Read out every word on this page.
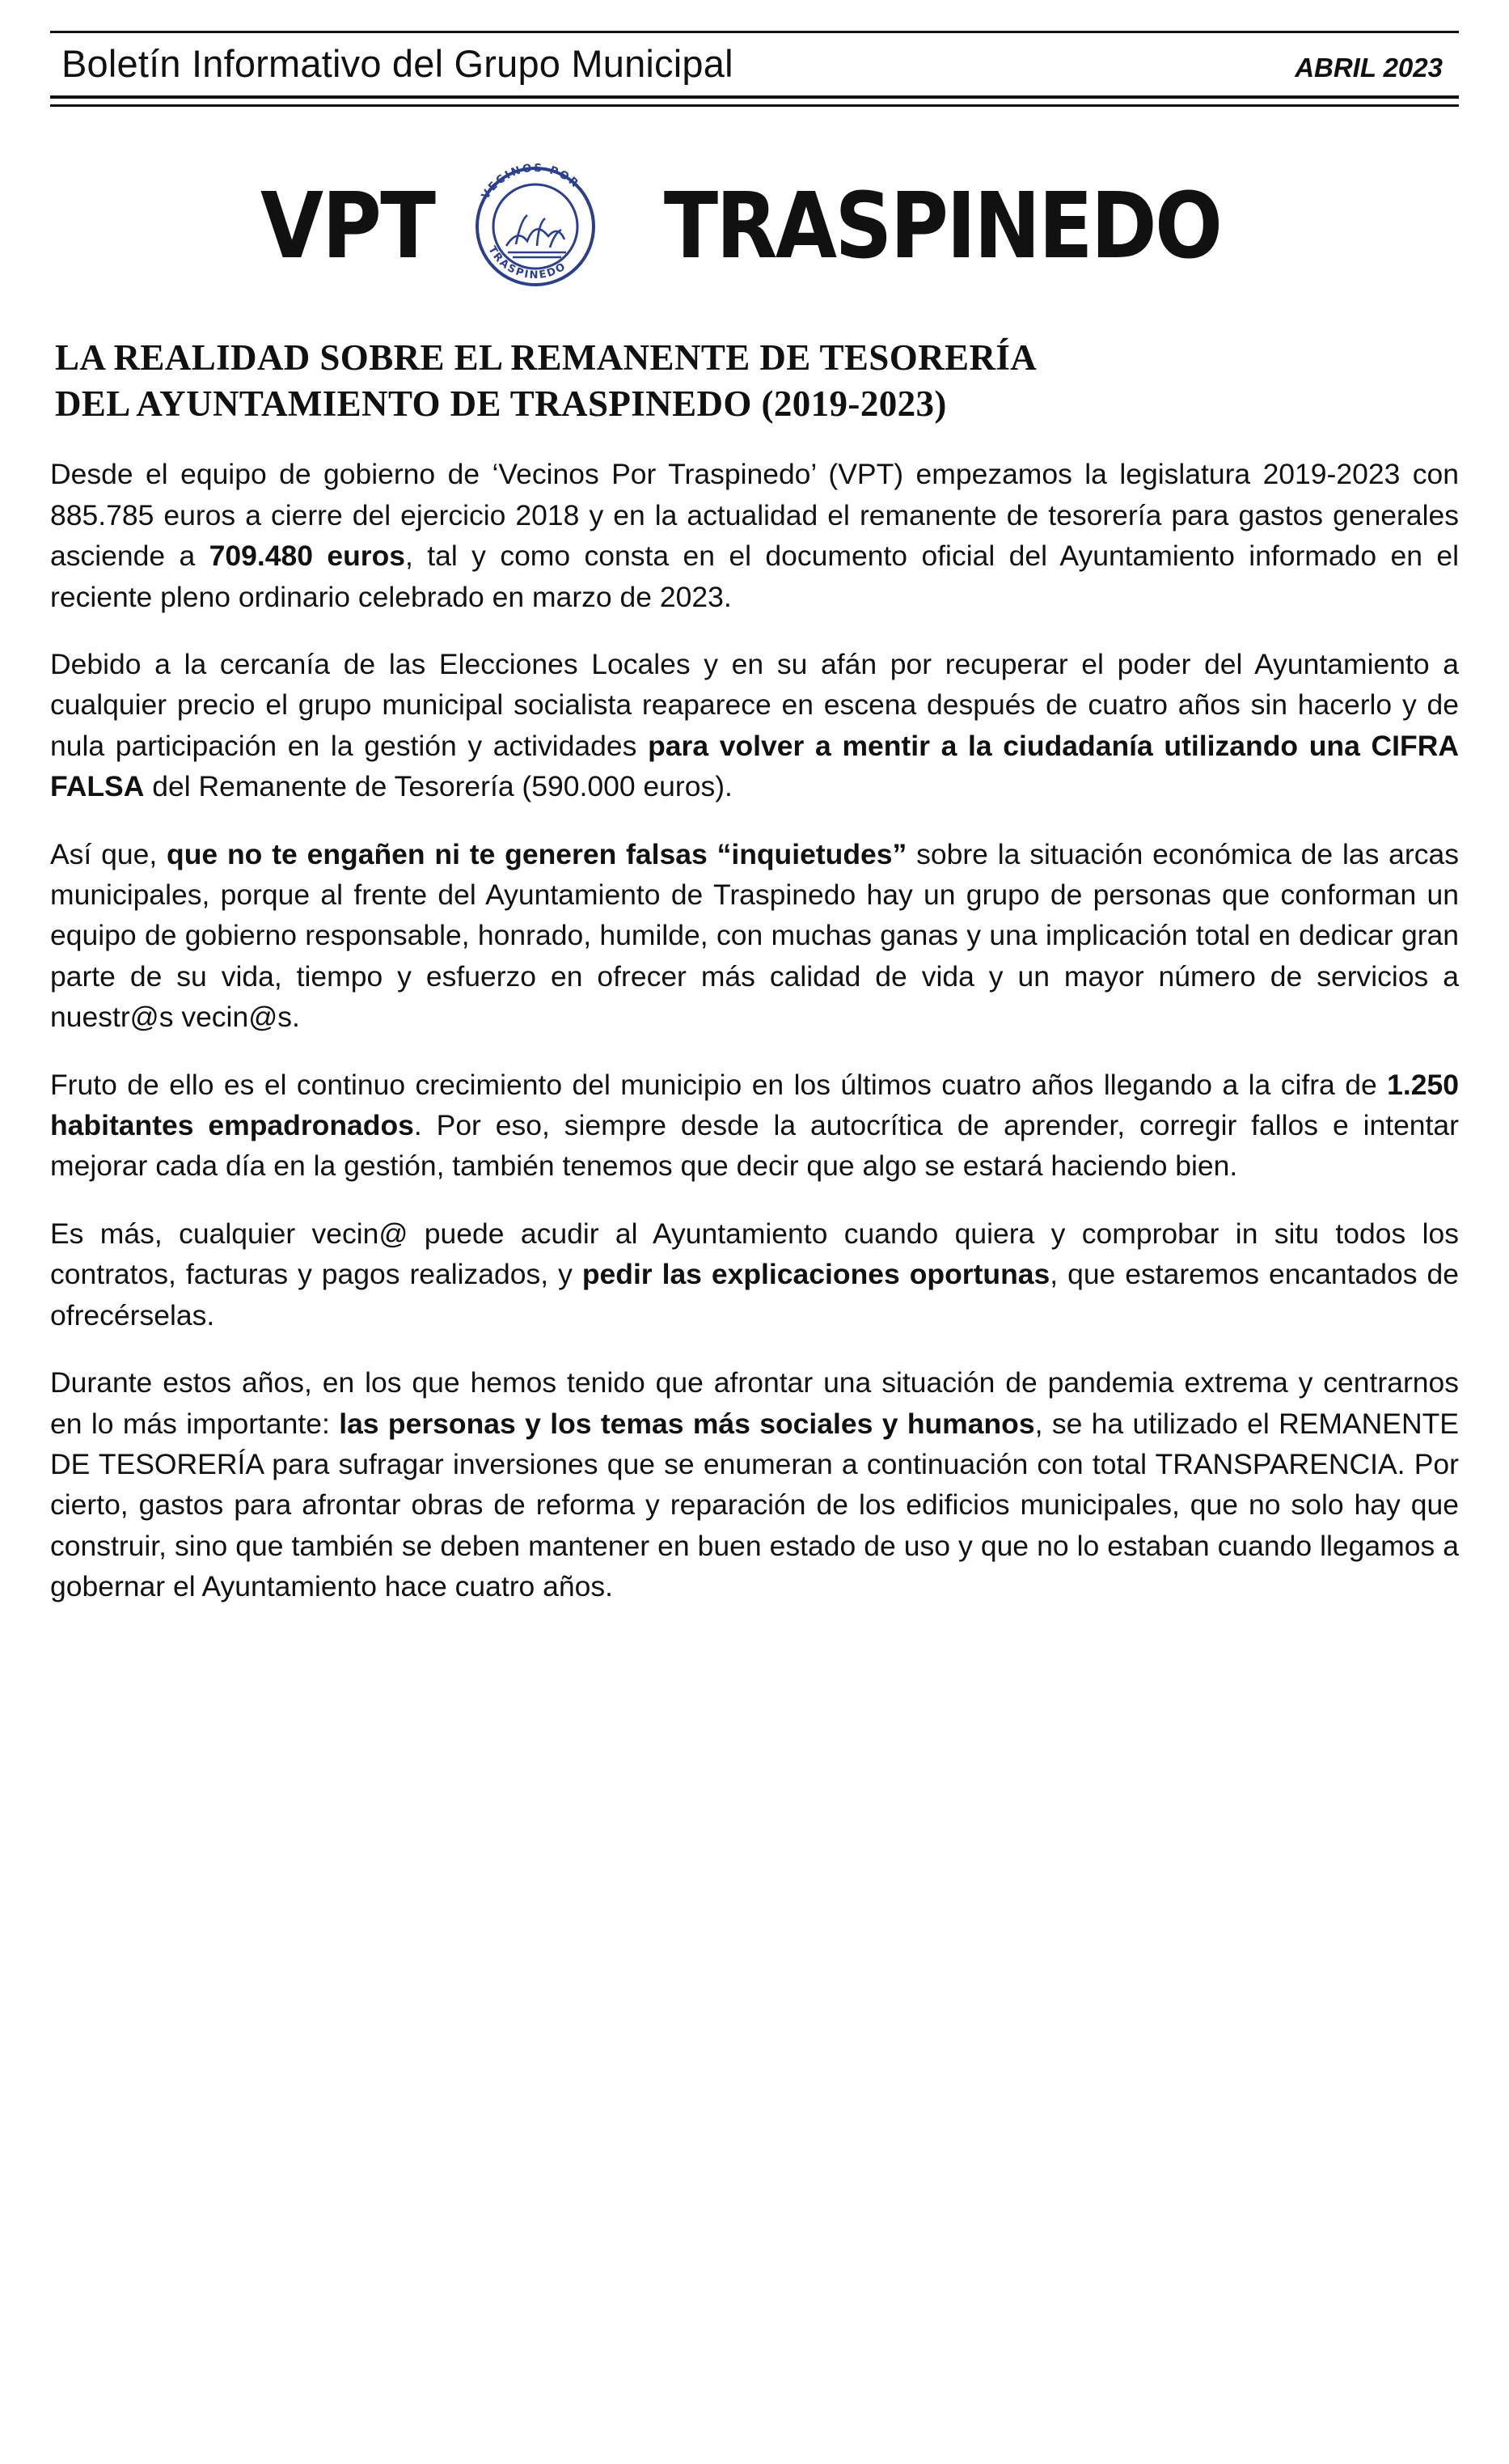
Boletín Informativo del Grupo Municipal	ABRIL 2023
VPT	VECINOS POR
TRASPINEDO TRASPINEDO
LA REALIDAD SOBRE EL REMANENTE DE TESORERÍA
DEL AYUNTAMIENTO DE TRASPINEDO (2019-2023)

Desde el equipo de gobierno de ‘Vecinos Por Traspinedo’ (VPT) empezamos la legislatura 2019-2023 con 885.785 euros a cierre del ejercicio 2018 y en la actualidad el remanente de tesorería para gastos generales asciende a 709.480 euros, tal y como consta en el documento oficial del Ayuntamiento informado en el reciente pleno ordinario celebrado en marzo de 2023.

Debido a la cercanía de las Elecciones Locales y en su afán por recuperar el poder del Ayuntamiento a cualquier precio el grupo municipal socialista reaparece en escena después de cuatro años sin hacerlo y de nula participación en la gestión y actividades para volver a mentir a la ciudadanía utilizando una CIFRA FALSA del Remanente de Tesorería (590.000 euros).

Así que, que no te engañen ni te generen falsas “inquietudes” sobre la situación económica de las arcas municipales, porque al frente del Ayuntamiento de Traspinedo hay un grupo de personas que conforman un equipo de gobierno responsable, honrado, humilde, con muchas ganas y una implicación total en dedicar gran parte de su vida, tiempo y esfuerzo en ofrecer más calidad de vida y un mayor número de servicios a nuestr@s vecin@s.

Fruto de ello es el continuo crecimiento del municipio en los últimos cuatro años llegando a la cifra de 1.250 habitantes empadronados. Por eso, siempre desde la autocrítica de aprender, corregir fallos e intentar mejorar cada día en la gestión, también tenemos que decir que algo se estará haciendo bien.

Es más, cualquier vecin@ puede acudir al Ayuntamiento cuando quiera y comprobar in situ todos los contratos, facturas y pagos realizados, y pedir las explicaciones oportunas, que estaremos encantados de ofrecérselas.

Durante estos años, en los que hemos tenido que afrontar una situación de pandemia extrema y centrarnos en lo más importante: las personas y los temas más sociales y humanos, se ha utilizado el REMANENTE DE TESORERÍA para sufragar inversiones que se enumeran a continuación con total TRANSPARENCIA. Por cierto, gastos para afrontar obras de reforma y reparación de los edificios municipales, que no solo hay que construir, sino que también se deben mantener en buen estado de uso y que no lo estaban cuando llegamos a gobernar el Ayuntamiento hace cuatro años.
